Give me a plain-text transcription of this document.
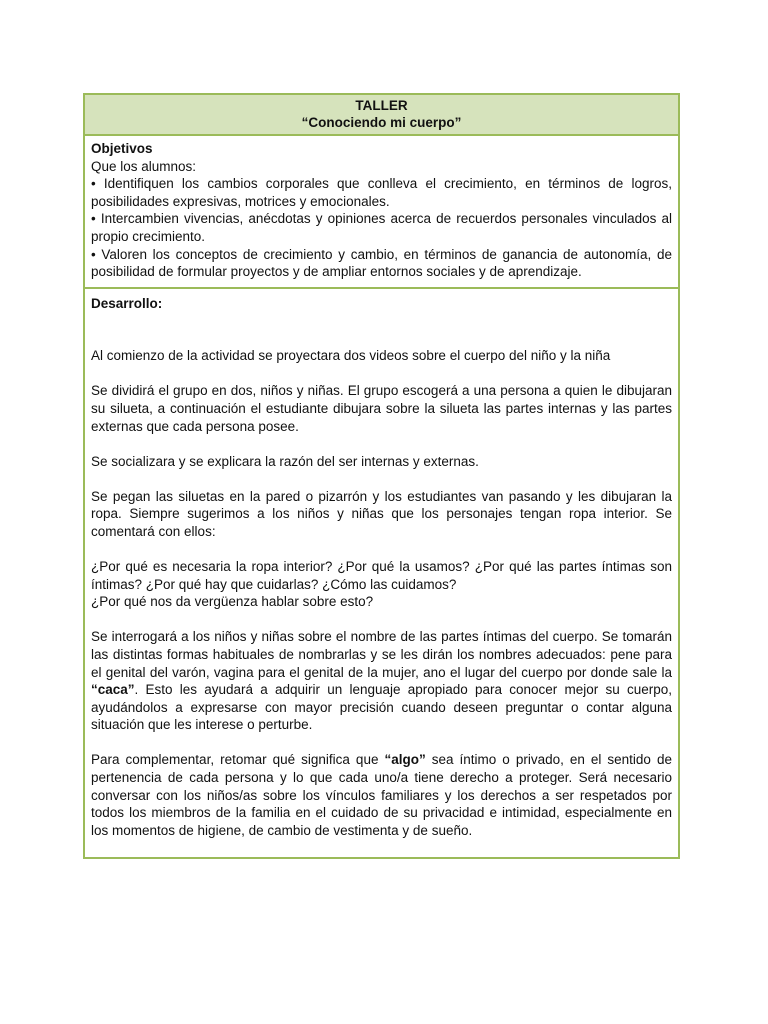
TALLER
“Conociendo mi cuerpo”
Objetivos
Que los alumnos:

• Identifiquen los cambios corporales que conlleva el crecimiento, en términos de logros, posibilidades expresivas, motrices y emocionales.

• Intercambien vivencias, anécdotas y opiniones acerca de recuerdos personales vinculados al propio crecimiento.

• Valoren los conceptos de crecimiento y cambio, en términos de ganancia de autonomía, de posibilidad de formular proyectos y de ampliar entornos sociales y de aprendizaje.

Desarrollo:

Al comienzo de la actividad se proyectara dos videos sobre el cuerpo del niño y la niña

Se dividirá el grupo en dos, niños y niñas. El grupo escogerá a una persona a quien le dibujaran su silueta, a continuación el estudiante dibujara sobre la silueta las partes internas y las partes externas que cada persona posee.

Se socializara y se explicara la razón del ser internas y externas.

Se pegan las siluetas en la pared o pizarrón y los estudiantes van pasando y les dibujaran la ropa. Siempre sugerimos a los niños y niñas que los personajes tengan ropa interior. Se comentará con ellos:

¿Por qué es necesaria la ropa interior? ¿Por qué la usamos? ¿Por qué las partes íntimas son íntimas? ¿Por qué hay que cuidarlas? ¿Cómo las cuidamos?
¿Por qué nos da vergüenza hablar sobre esto?

Se interrogará a los niños y niñas sobre el nombre de las partes íntimas del cuerpo. Se tomarán las distintas formas habituales de nombrarlas y se les dirán los nombres adecuados: pene para el genital del varón, vagina para el genital de la mujer, ano el lugar del cuerpo por donde sale la “caca”. Esto les ayudará a adquirir un lenguaje apropiado para conocer mejor su cuerpo, ayudándolos a expresarse con mayor precisión cuando deseen preguntar o contar alguna situación que les interese o perturbe.

Para complementar, retomar qué significa que “algo” sea íntimo o privado, en el sentido de pertenencia de cada persona y lo que cada uno/a tiene derecho a proteger. Será necesario conversar con los niños/as sobre los vínculos familiares y los derechos a ser respetados por todos los miembros de la familia en el cuidado de su privacidad e intimidad, especialmente en los momentos de higiene, de cambio de vestimenta y de sueño.
